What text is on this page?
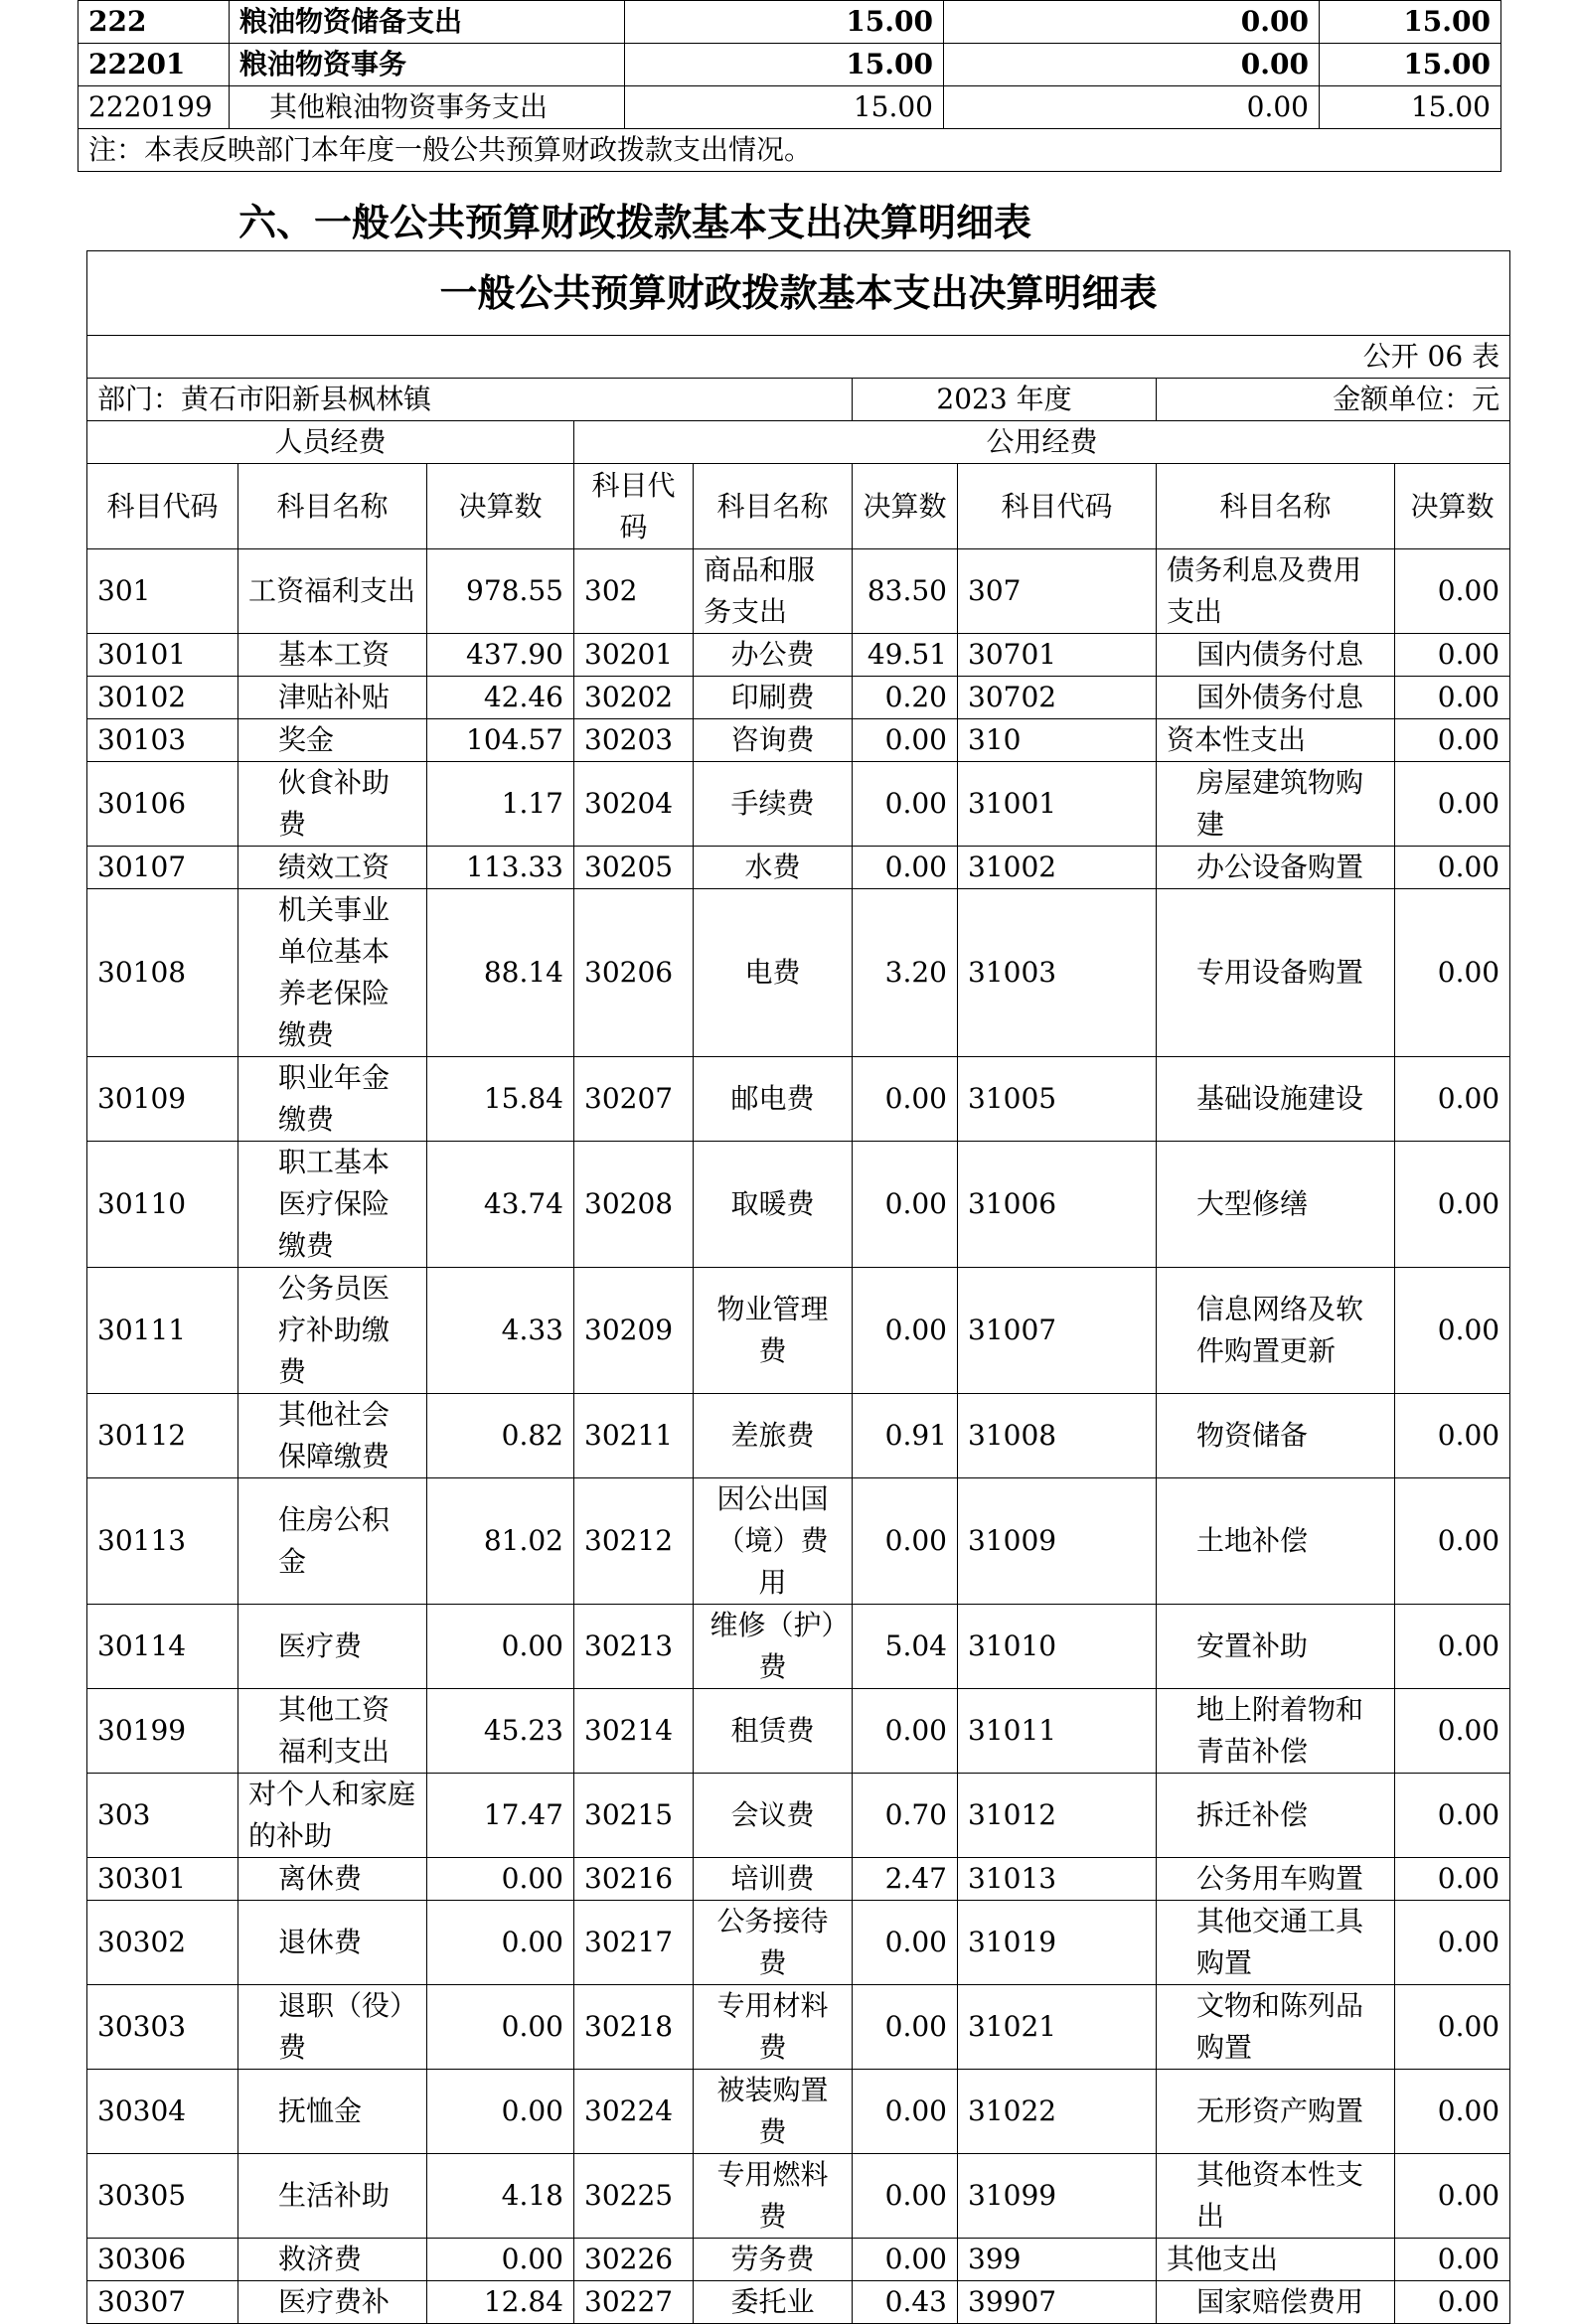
222	粮油物资储备支出	15.00	0.00	15.00
22201	粮油物资事务	15.00	0.00	15.00
2220199	其他粮油物资事务支出	15.00	0.00	15.00
注：本表反映部门本年度一般公共预算财政拨款支出情况。				
六、一般公共预算财政拨款基本支出决算明细表
一般公共预算财政拨款基本支出决算明细表								
公开 06 表								
部门：黄石市阳新县枫林镇					2023 年度		金额单位：元	
人员经费			公用经费					
科目代码	科目名称	决算数	科目代码	科目名称	决算数	科目代码	科目名称	决算数
301	工资福利支出	978.55	302	商品和服务支出	83.50	307	债务利息及费用支出	0.00
30101	基本工资	437.90	30201	办公费	49.51	30701	国内债务付息	0.00
30102	津贴补贴	42.46	30202	印刷费	0.20	30702	国外债务付息	0.00
30103	奖金	104.57	30203	咨询费	0.00	310	资本性支出	0.00
30106	伙食补助费	1.17	30204	手续费	0.00	31001	房屋建筑物购建	0.00
30107	绩效工资	113.33	30205	水费	0.00	31002	办公设备购置	0.00
30108	机关事业单位基本养老保险缴费	88.14	30206	电费	3.20	31003	专用设备购置	0.00
30109	职业年金缴费	15.84	30207	邮电费	0.00	31005	基础设施建设	0.00
30110	职工基本医疗保险缴费	43.74	30208	取暖费	0.00	31006	大型修缮	0.00
30111	公务员医疗补助缴费	4.33	30209	物业管理费	0.00	31007	信息网络及软件购置更新	0.00
30112	其他社会保障缴费	0.82	30211	差旅费	0.91	31008	物资储备	0.00
30113	住房公积金	81.02	30212	因公出国（境）费用	0.00	31009	土地补偿	0.00
30114	医疗费	0.00	30213	维修（护）费	5.04	31010	安置补助	0.00
30199	其他工资福利支出	45.23	30214	租赁费	0.00	31011	地上附着物和青苗补偿	0.00
303	对个人和家庭的补助	17.47	30215	会议费	0.70	31012	拆迁补偿	0.00
30301	离休费	0.00	30216	培训费	2.47	31013	公务用车购置	0.00
30302	退休费	0.00	30217	公务接待费	0.00	31019	其他交通工具购置	0.00
30303	退职（役）费	0.00	30218	专用材料费	0.00	31021	文物和陈列品购置	0.00
30304	抚恤金	0.00	30224	被装购置费	0.00	31022	无形资产购置	0.00
30305	生活补助	4.18	30225	专用燃料费	0.00	31099	其他资本性支出	0.00
30306	救济费	0.00	30226	劳务费	0.00	399	其他支出	0.00
30307	医疗费补	12.84	30227	委托业	0.43	39907	国家赔偿费用	0.00
